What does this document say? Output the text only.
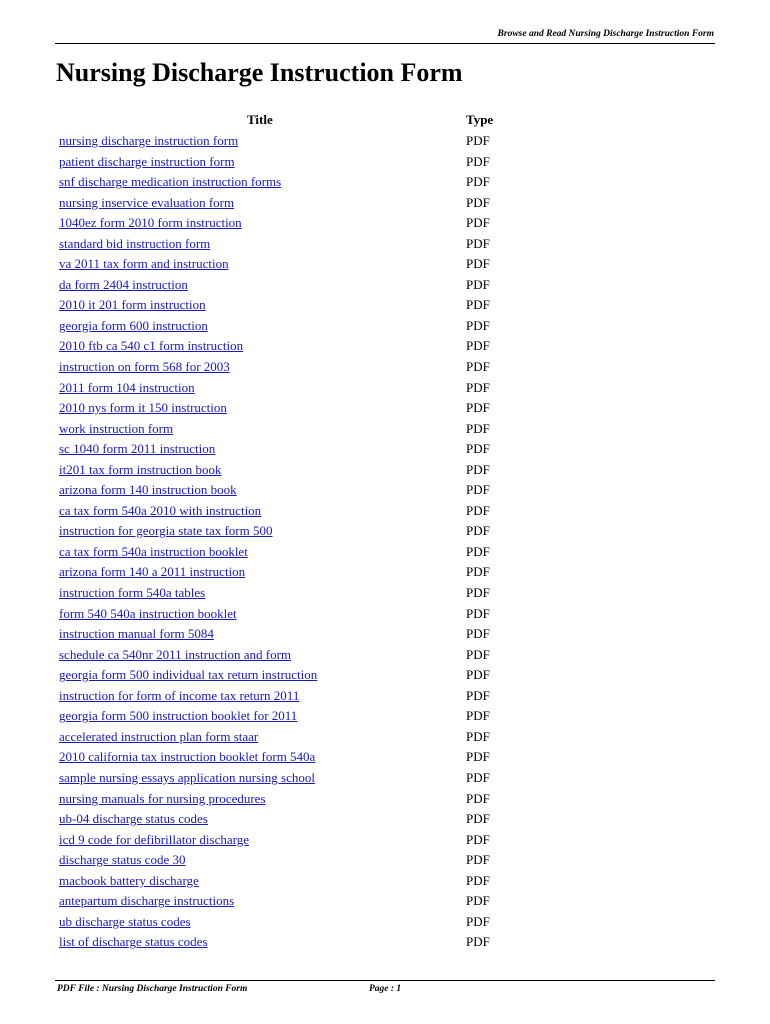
Browse and Read Nursing Discharge Instruction Form
Nursing Discharge Instruction Form
Title	Type
nursing discharge instruction form	PDF
patient discharge instruction form	PDF
snf discharge medication instruction forms	PDF
nursing inservice evaluation form	PDF
1040ez form 2010 form instruction	PDF
standard bid instruction form	PDF
va 2011 tax form and instruction	PDF
da form 2404 instruction	PDF
2010 it 201 form instruction	PDF
georgia form 600 instruction	PDF
2010 ftb ca 540 c1 form instruction	PDF
instruction on form 568 for 2003	PDF
2011 form 104 instruction	PDF
2010 nys form it 150 instruction	PDF
work instruction form	PDF
sc 1040 form 2011 instruction	PDF
it201 tax form instruction book	PDF
arizona form 140 instruction book	PDF
ca tax form 540a 2010 with instruction	PDF
instruction for georgia state tax form 500	PDF
ca tax form 540a instruction booklet	PDF
arizona form 140 a 2011 instruction	PDF
instruction form 540a tables	PDF
form 540 540a instruction booklet	PDF
instruction manual form 5084	PDF
schedule ca 540nr 2011 instruction and form	PDF
georgia form 500 individual tax return instruction	PDF
instruction for form of income tax return 2011	PDF
georgia form 500 instruction booklet for 2011	PDF
accelerated instruction plan form staar	PDF
2010 california tax instruction booklet form 540a	PDF
sample nursing essays application nursing school	PDF
nursing manuals for nursing procedures	PDF
ub-04 discharge status codes	PDF
icd 9 code for defibrillator discharge	PDF
discharge status code 30	PDF
macbook battery discharge	PDF
antepartum discharge instructions	PDF
ub discharge status codes	PDF
list of discharge status codes	PDF
PDF File : Nursing Discharge Instruction Form	Page : 1
